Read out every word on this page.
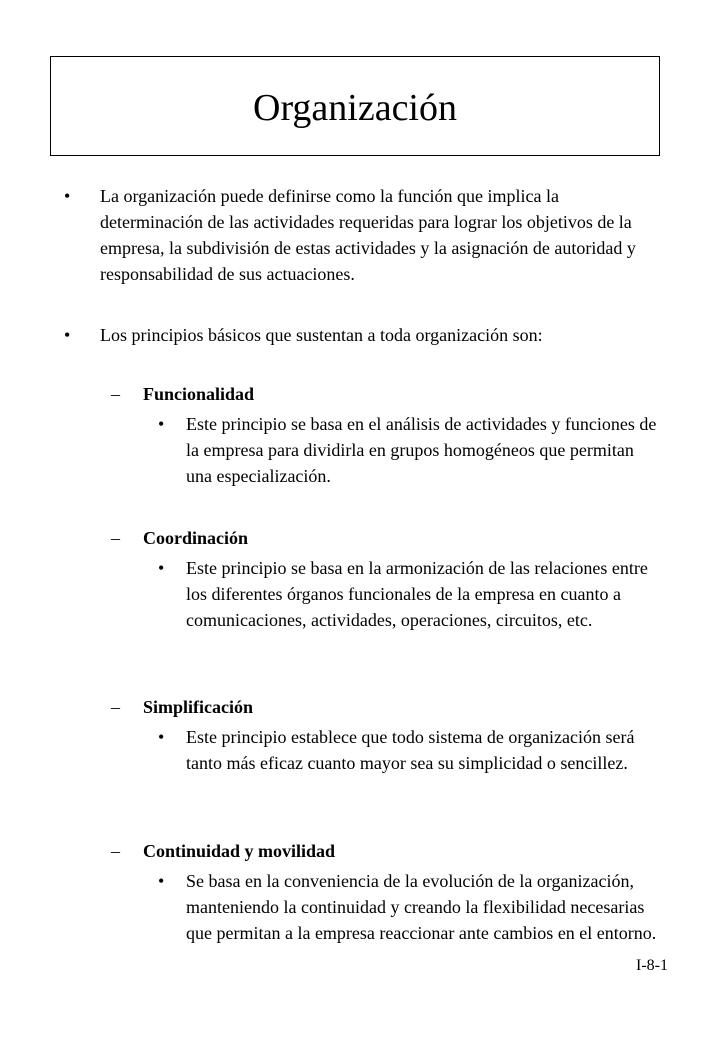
Organización
• La organización puede definirse como la función que implica la determinación de las actividades requeridas para lograr los objetivos de la empresa, la subdivisión de estas actividades y la asignación de autoridad y responsabilidad de sus actuaciones.

• Los principios básicos que sustentan a toda organización son:

– Funcionalidad
• Este principio se basa en el análisis de actividades y funciones de la empresa para dividirla en grupos homogéneos que permitan una especialización.

– Coordinación
• Este principio se basa en la armonización de las relaciones entre los diferentes órganos funcionales de la empresa en cuanto a comunicaciones, actividades, operaciones, circuitos, etc.

– Simplificación
• Este principio establece que todo sistema de organización será tanto más eficaz cuanto mayor sea su simplicidad o sencillez.

– Continuidad y movilidad
• Se basa en la conveniencia de la evolución de la organización, manteniendo la continuidad y creando la flexibilidad necesarias que permitan a la empresa reaccionar ante cambios en el entorno.

I-8-1
